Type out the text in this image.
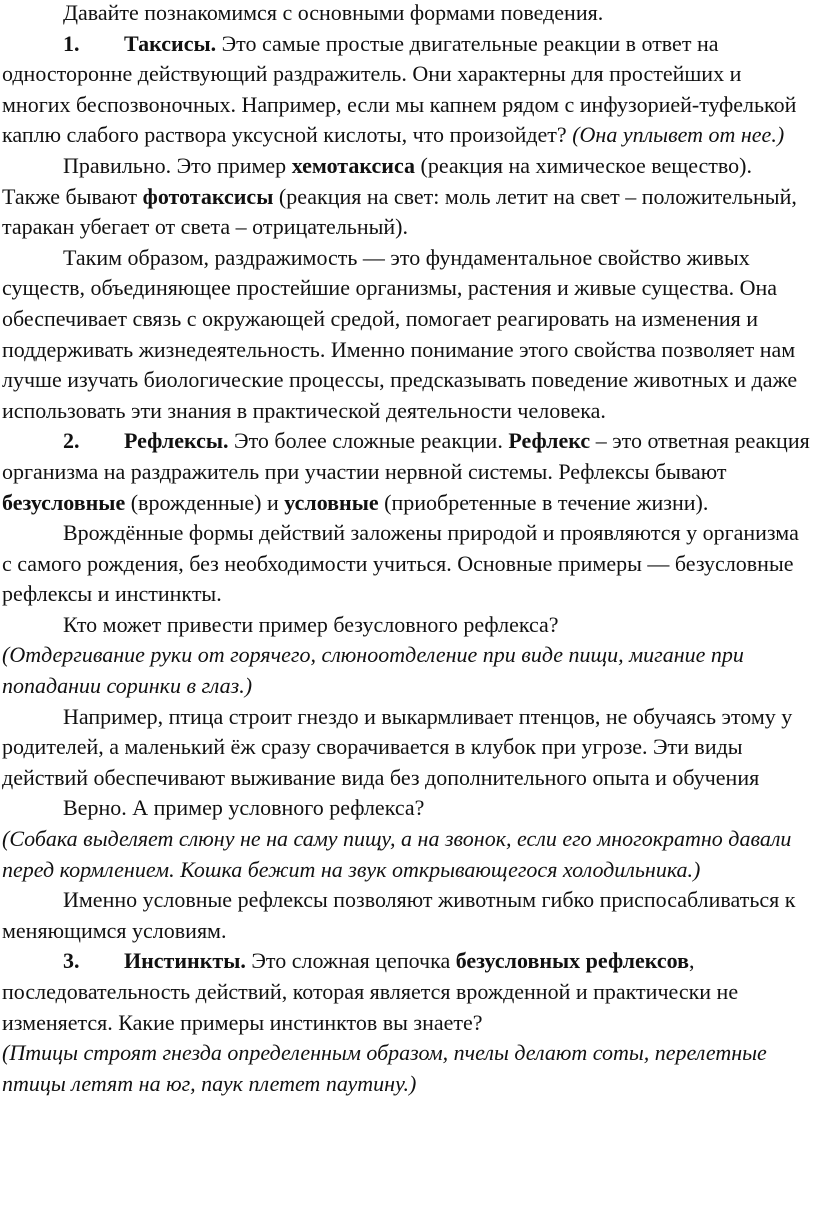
Давайте познакомимся с основными формами поведения.

1. Таксисы. Это самые простые двигательные реакции в ответ на односторонне действующий раздражитель. Они характерны для простейших и многих беспозвоночных. Например, если мы капнем рядом с инфузорией-туфелькой каплю слабого раствора уксусной кислоты, что произойдет? (Она уплывет от нее.)

Правильно. Это пример хемотаксиса (реакция на химическое вещество). Также бывают фототаксисы (реакция на свет: моль летит на свет – положительный, таракан убегает от света – отрицательный).

Таким образом, раздражимость — это фундаментальное свойство живых существ, объединяющее простейшие организмы, растения и живые существа. Она обеспечивает связь с окружающей средой, помогает реагировать на изменения и поддерживать жизнедеятельность. Именно понимание этого свойства позволяет нам лучше изучать биологические процессы, предсказывать поведение животных и даже использовать эти знания в практической деятельности человека.

2. Рефлексы. Это более сложные реакции. Рефлекс – это ответная реакция организма на раздражитель при участии нервной системы. Рефлексы бывают безусловные (врожденные) и условные (приобретенные в течение жизни).

Врождённые формы действий заложены природой и проявляются у организма с самого рождения, без необходимости учиться. Основные примеры — безусловные рефлексы и инстинкты.

Кто может привести пример безусловного рефлекса?

(Отдергивание руки от горячего, слюноотделение при виде пищи, мигание при попадании соринки в глаз.)

Например, птица строит гнездо и выкармливает птенцов, не обучаясь этому у родителей, а маленький ёж сразу сворачивается в клубок при угрозе. Эти виды действий обеспечивают выживание вида без дополнительного опыта и обучения

Верно. А пример условного рефлекса?

(Собака выделяет слюну не на саму пищу, а на звонок, если его многократно давали перед кормлением. Кошка бежит на звук открывающегося холодильника.)

Именно условные рефлексы позволяют животным гибко приспосабливаться к меняющимся условиям.

3. Инстинкты. Это сложная цепочка безусловных рефлексов, последовательность действий, которая является врожденной и практически не изменяется. Какие примеры инстинктов вы знаете?

(Птицы строят гнезда определенным образом, пчелы делают соты, перелетные птицы летят на юг, паук плетет паутину.)
